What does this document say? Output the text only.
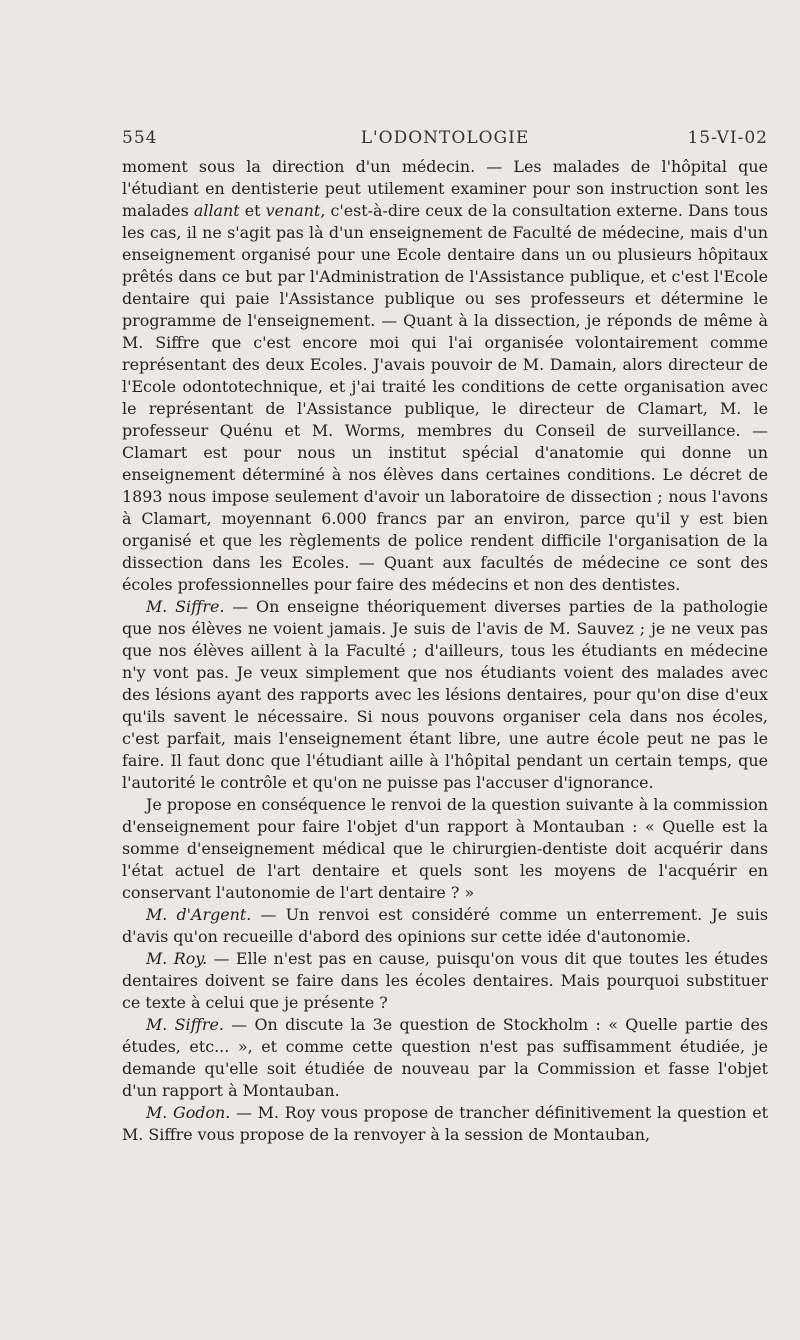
554	L'ODONTOLOGIE	15-VI-02

moment sous la direction d'un médecin. — Les malades de l'hôpital que l'étudiant en dentisterie peut utilement examiner pour son instruction sont les malades allant et venant, c'est-à-dire ceux de la consultation externe. Dans tous les cas, il ne s'agit pas là d'un enseignement de Faculté de médecine, mais d'un enseignement organisé pour une Ecole dentaire dans un ou plusieurs hôpitaux prêtés dans ce but par l'Administration de l'Assistance publique, et c'est l'Ecole dentaire qui paie l'Assistance publique ou ses professeurs et détermine le programme de l'enseignement. — Quant à la dissection, je réponds de même à M. Siffre que c'est encore moi qui l'ai organisée volontairement comme représentant des deux Ecoles. J'avais pouvoir de M. Damain, alors directeur de l'Ecole odontotechnique, et j'ai traité les conditions de cette organisation avec le représentant de l'Assistance publique, le directeur de Clamart, M. le professeur Quénu et M. Worms, membres du Conseil de surveillance. — Clamart est pour nous un institut spécial d'anatomie qui donne un enseignement déterminé à nos élèves dans certaines conditions. Le décret de 1893 nous impose seulement d'avoir un laboratoire de dissection ; nous l'avons à Clamart, moyennant 6.000 francs par an environ, parce qu'il y est bien organisé et que les règlements de police rendent difficile l'organisation de la dissection dans les Ecoles. — Quant aux facultés de médecine ce sont des écoles professionnelles pour faire des médecins et non des dentistes.

M. Siffre. — On enseigne théoriquement diverses parties de la pathologie que nos élèves ne voient jamais. Je suis de l'avis de M. Sauvez ; je ne veux pas que nos élèves aillent à la Faculté ; d'ailleurs, tous les étudiants en médecine n'y vont pas. Je veux simplement que nos étudiants voient des malades avec des lésions ayant des rapports avec les lésions dentaires, pour qu'on dise d'eux qu'ils savent le nécessaire. Si nous pouvons organiser cela dans nos écoles, c'est parfait, mais l'enseignement étant libre, une autre école peut ne pas le faire. Il faut donc que l'étudiant aille à l'hôpital pendant un certain temps, que l'autorité le contrôle et qu'on ne puisse pas l'accuser d'ignorance.

Je propose en conséquence le renvoi de la question suivante à la commission d'enseignement pour faire l'objet d'un rapport à Montauban : « Quelle est la somme d'enseignement médical que le chirurgien-dentiste doit acquérir dans l'état actuel de l'art dentaire et quels sont les moyens de l'acquérir en conservant l'autonomie de l'art dentaire ? »

M. d'Argent. — Un renvoi est considéré comme un enterrement. Je suis d'avis qu'on recueille d'abord des opinions sur cette idée d'autonomie.

M. Roy. — Elle n'est pas en cause, puisqu'on vous dit que toutes les études dentaires doivent se faire dans les écoles dentaires. Mais pourquoi substituer ce texte à celui que je présente ?

M. Siffre. — On discute la 3e question de Stockholm : « Quelle partie des études, etc... », et comme cette question n'est pas suffisamment étudiée, je demande qu'elle soit étudiée de nouveau par la Commission et fasse l'objet d'un rapport à Montauban.

M. Godon. — M. Roy vous propose de trancher définitivement la question et M. Siffre vous propose de la renvoyer à la session de Montauban,
